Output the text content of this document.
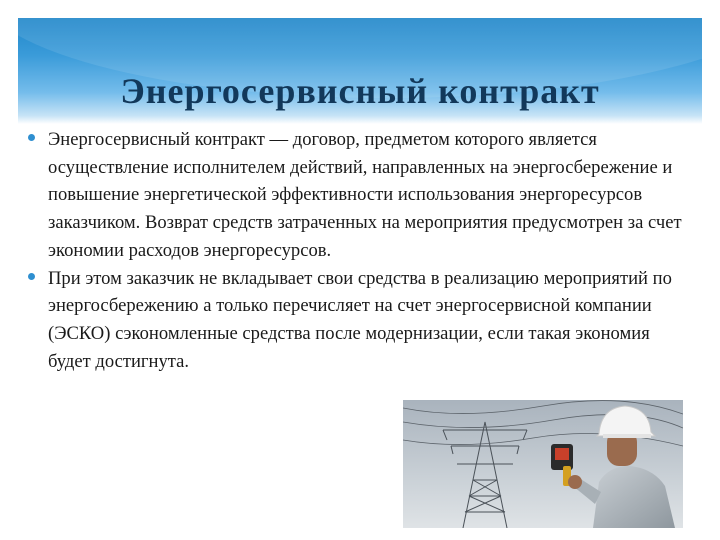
Энергосервисный контракт
Энергосервисный контракт — договор, предметом которого является осуществление исполнителем действий, направленных на энергосбережение и повышение энергетической эффективности использования энергоресурсов заказчиком. Возврат средств затраченных на мероприятия предусмотрен за счет экономии расходов энергоресурсов.
При этом заказчик не вкладывает свои средства в реализацию мероприятий по энергосбережению а только перечисляет на счет энергосервисной компании (ЭСКО) сэкономленные средства после модернизации, если такая экономия будет достигнута.
